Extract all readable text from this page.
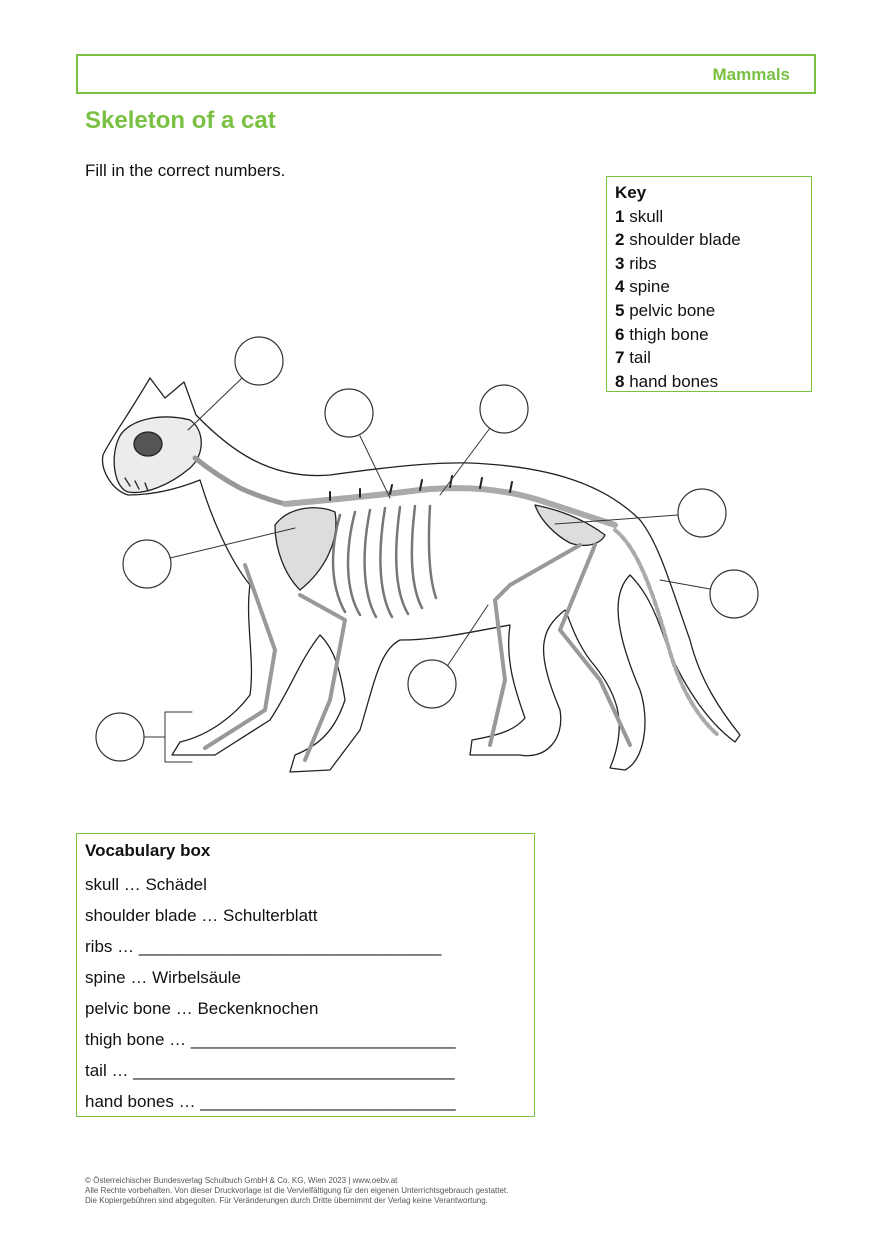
Mammals
Skeleton of a cat
Fill in the correct numbers.
Key
1 skull
2 shoulder blade
3 ribs
4 spine
5 pelvic bone
6 thigh bone
7 tail
8 hand bones
Vocabulary box
skull … Schädel
shoulder blade … Schulterblatt
ribs … ________________________________
spine … Wirbelsäule
pelvic bone … Beckenknochen
thigh bone … ____________________________
tail … __________________________________
hand bones … ___________________________
© Österreichischer Bundesverlag Schulbuch GmbH & Co. KG, Wien 2023 | www.oebv.at
Alle Rechte vorbehalten. Von dieser Druckvorlage ist die Vervielfältigung für den eigenen Unterrichtsgebrauch gestattet.
Die Kopiergebühren sind abgegolten. Für Veränderungen durch Dritte übernimmt der Verlag keine Verantwortung.
